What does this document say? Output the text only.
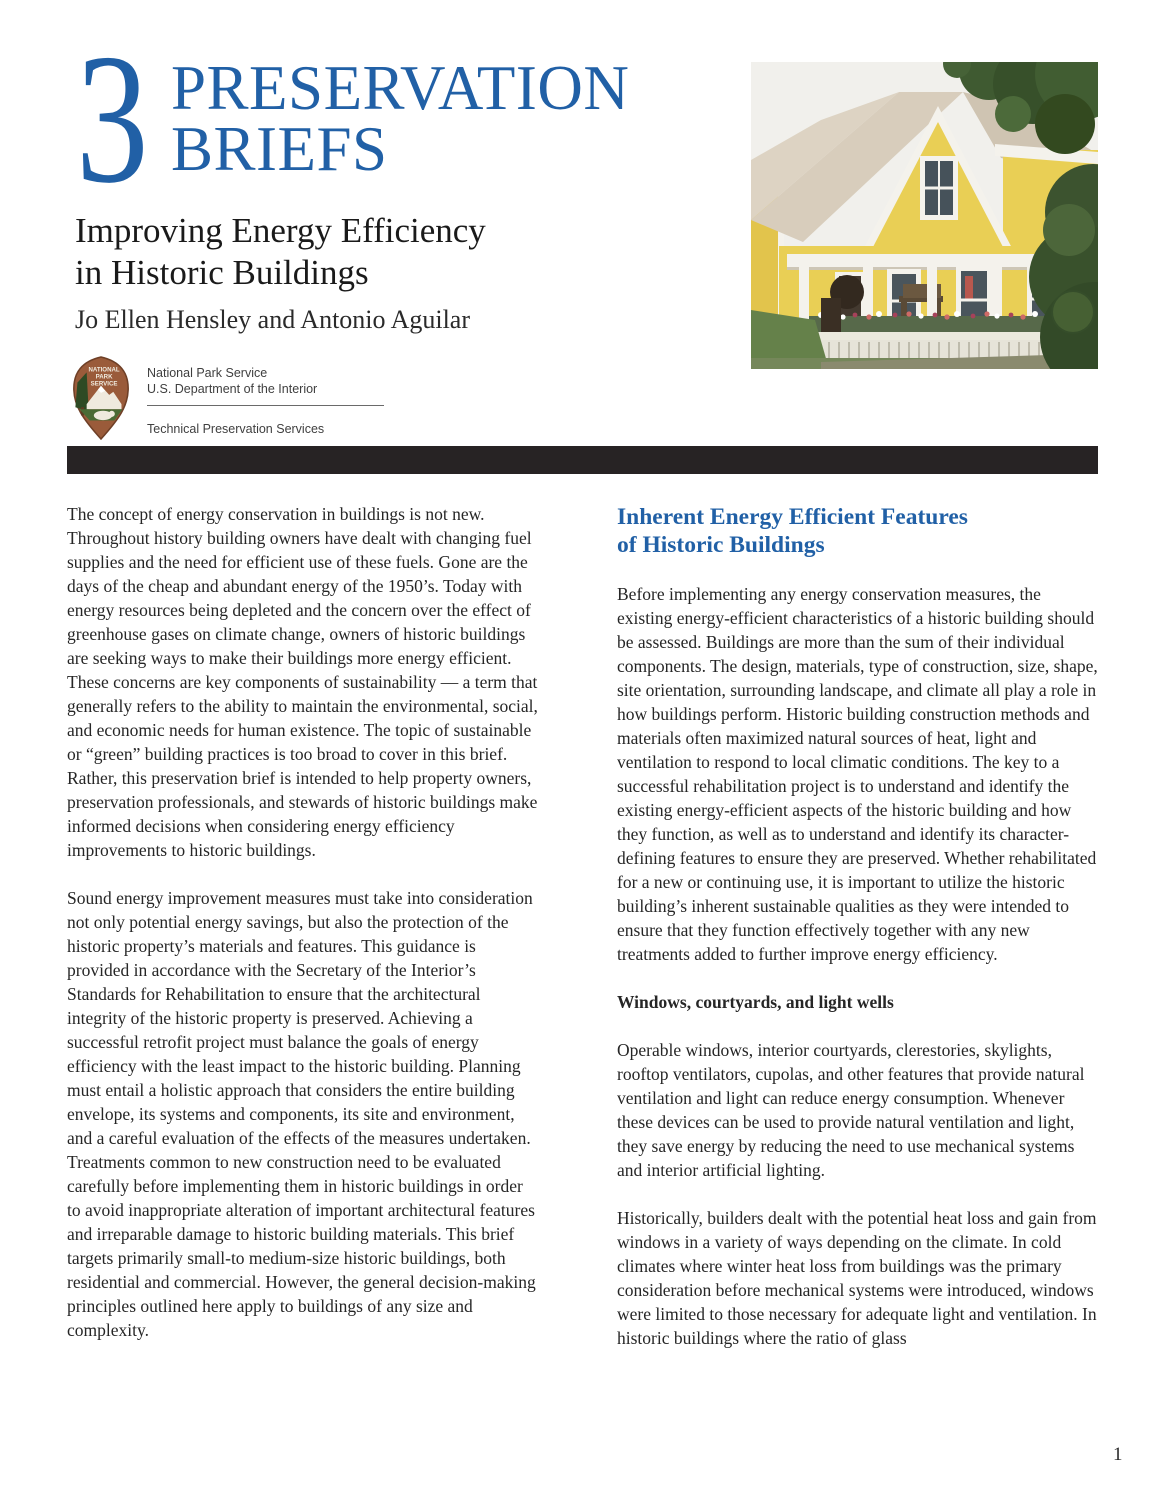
3 PRESERVATION
BRIEFS
Improving Energy Efficiency
in Historic Buildings
Jo Ellen Hensley and Antonio Aguilar
NATIONAL
PARK
SERVICE
National Park Service
U.S. Department of the Interior
Technical Preservation Services

The concept of energy conservation in buildings is not new. Throughout history building owners have dealt with changing fuel supplies and the need for efficient use of these fuels. Gone are the days of the cheap and abundant energy of the 1950’s. Today with energy resources being depleted and the concern over the effect of greenhouse gases on climate change, owners of historic buildings are seeking ways to make their buildings more energy efficient. These concerns are key components of sustainability — a term that generally refers to the ability to maintain the environmental, social, and economic needs for human existence. The topic of sustainable or “green” building practices is too broad to cover in this brief. Rather, this preservation brief is intended to help property owners, preservation professionals, and stewards of historic buildings make informed decisions when considering energy efficiency improvements to historic buildings.

Sound energy improvement measures must take into consideration not only potential energy savings, but also the protection of the historic property’s materials and features. This guidance is provided in accordance with the Secretary of the Interior’s Standards for Rehabilitation to ensure that the architectural integrity of the historic property is preserved. Achieving a successful retrofit project must balance the goals of energy efficiency with the least impact to the historic building. Planning must entail a holistic approach that considers the entire building envelope, its systems and components, its site and environment, and a careful evaluation of the effects of the measures undertaken. Treatments common to new construction need to be evaluated carefully before implementing them in historic buildings in order to avoid inappropriate alteration of important architectural features and irreparable damage to historic building materials. This brief targets primarily small-to medium-size historic buildings, both residential and commercial. However, the general decision-making principles outlined here apply to buildings of any size and complexity.

Inherent Energy Efficient Features
of Historic Buildings

Before implementing any energy conservation measures, the existing energy-efficient characteristics of a historic building should be assessed. Buildings are more than the sum of their individual components. The design, materials, type of construction, size, shape, site orientation, surrounding landscape, and climate all play a role in how buildings perform. Historic building construction methods and materials often maximized natural sources of heat, light and ventilation to respond to local climatic conditions. The key to a successful rehabilitation project is to understand and identify the existing energy-efficient aspects of the historic building and how they function, as well as to understand and identify its character-defining features to ensure they are preserved. Whether rehabilitated for a new or continuing use, it is important to utilize the historic building’s inherent sustainable qualities as they were intended to ensure that they function effectively together with any new treatments added to further improve energy efficiency.

Windows, courtyards, and light wells

Operable windows, interior courtyards, clerestories, skylights, rooftop ventilators, cupolas, and other features that provide natural ventilation and light can reduce energy consumption. Whenever these devices can be used to provide natural ventilation and light, they save energy by reducing the need to use mechanical systems and interior artificial lighting.

Historically, builders dealt with the potential heat loss and gain from windows in a variety of ways depending on the climate. In cold climates where winter heat loss from buildings was the primary consideration before mechanical systems were introduced, windows were limited to those necessary for adequate light and ventilation. In historic buildings where the ratio of glass

1
